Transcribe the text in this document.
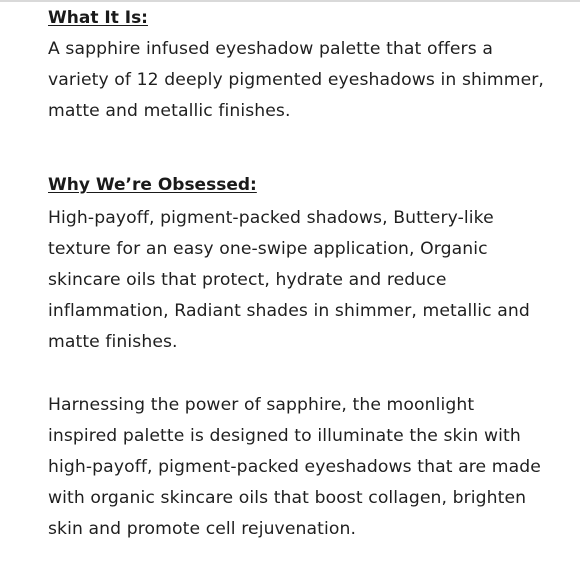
What It Is:

A sapphire infused eyeshadow palette that offers a variety of 12 deeply pigmented eyeshadows in shimmer, matte and metallic finishes.

Why We’re Obsessed:

High-payoff, pigment-packed shadows, Buttery-like texture for an easy one-swipe application, Organic skincare oils that protect, hydrate and reduce inflammation, Radiant shades in shimmer, metallic and matte finishes.

Harnessing the power of sapphire, the moonlight inspired palette is designed to illuminate the skin with high-payoff, pigment-packed eyeshadows that are made with organic skincare oils that boost collagen, brighten skin and promote cell rejuvenation.
